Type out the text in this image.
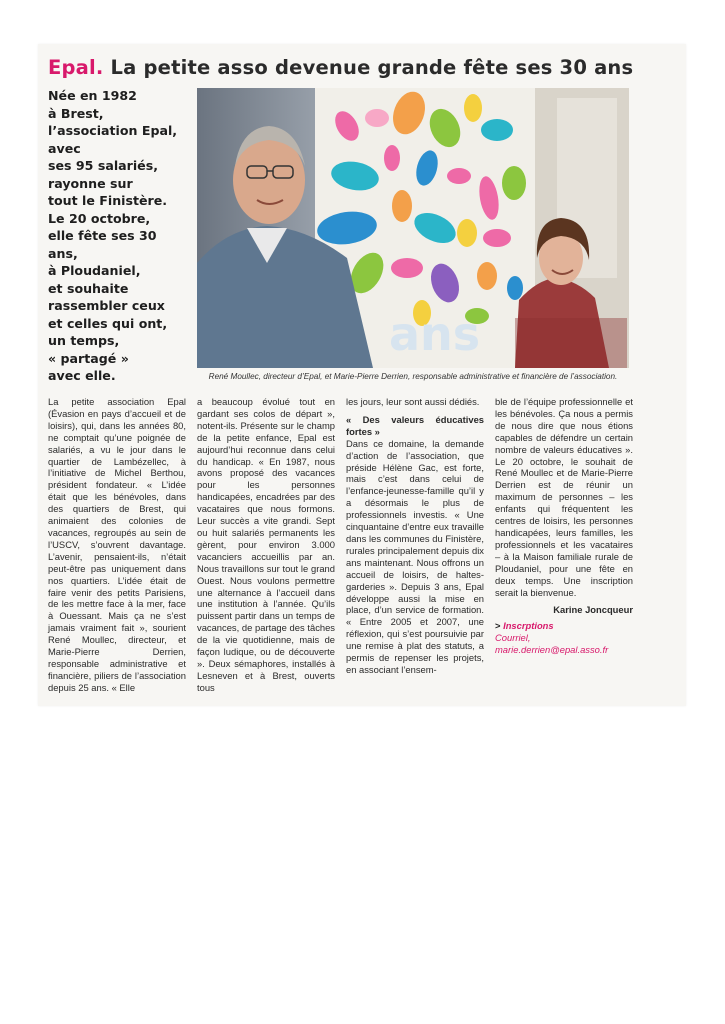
Epal. La petite asso devenue grande fête ses 30 ans
Née en 1982
à Brest,
l’association Epal,
avec
ses 95 salariés,
rayonne sur
tout le Finistère.
Le 20 octobre,
elle fête ses 30 ans,
à Ploudaniel,
et souhaite
rassembler ceux
et celles qui ont,
un temps,
« partagé »
avec elle.
ans
René Moullec, directeur d’Epal, et Marie-Pierre Derrien, responsable administrative et financière de l’association.

La petite association Epal (Évasion en pays d’accueil et de loisirs), qui, dans les années 80, ne comptait qu’une poignée de salariés, a vu le jour dans le quartier de Lambézellec, à l’initiative de Michel Berthou, président fondateur. « L’idée était que les bénévoles, dans des quartiers de Brest, qui animaient des colonies de vacances, regroupés au sein de l’USCV, s’ouvrent davantage. L’avenir, pensaient-ils, n’était peut-être pas uniquement dans nos quartiers. L’idée était de faire venir des petits Parisiens, de les mettre face à la mer, face à Ouessant. Mais ça ne s’est jamais vraiment fait », sourient René Moullec, directeur, et Marie-Pierre Derrien, responsable administrative et financière, piliers de l’association depuis 25 ans. « Elle

a beaucoup évolué tout en gardant ses colos de départ », notent-ils. Présente sur le champ de la petite enfance, Epal est aujourd’hui reconnue dans celui du handicap. « En 1987, nous avons proposé des vacances pour les personnes handicapées, encadrées par des vacataires que nous formons. Leur succès a vite grandi. Sept ou huit salariés permanents les gèrent, pour environ 3.000 vacanciers accueillis par an. Nous travaillons sur tout le grand Ouest. Nous voulons permettre une alternance à l’accueil dans une institution à l’année. Qu’ils puissent partir dans un temps de vacances, de partage des tâches de la vie quotidienne, mais de façon ludique, ou de découverte ». Deux sémaphores, installés à Lesneven et à Brest, ouverts tous

les jours, leur sont aussi dédiés.

« Des valeurs éducatives fortes »

Dans ce domaine, la demande d’action de l’association, que préside Hélène Gac, est forte, mais c’est dans celui de l’enfance-jeunesse-famille qu’il y a désormais le plus de professionnels investis. « Une cinquantaine d’entre eux travaille dans les communes du Finistère, rurales principalement depuis dix ans maintenant. Nous offrons un accueil de loisirs, de haltes-garderies ». Depuis 3 ans, Epal développe aussi la mise en place, d’un service de formation. « Entre 2005 et 2007, une réflexion, qui s’est poursuivie par une remise à plat des statuts, a permis de repenser les projets, en associant l’ensem-

ble de l’équipe professionnelle et les bénévoles. Ça nous a permis de nous dire que nous étions capables de défendre un certain nombre de valeurs éducatives ». Le 20 octobre, le souhait de René Moullec et de Marie-Pierre Derrien est de réunir un maximum de personnes – les enfants qui fréquentent les centres de loisirs, les personnes handicapées, leurs familles, les professionnels et les vacataires – à la Maison familiale rurale de Ploudaniel, pour une fête en deux temps. Une inscription serait la bienvenue.

Karine Joncqueur

> Inscrptions

Courriel, marie.derrien@epal.asso.fr
